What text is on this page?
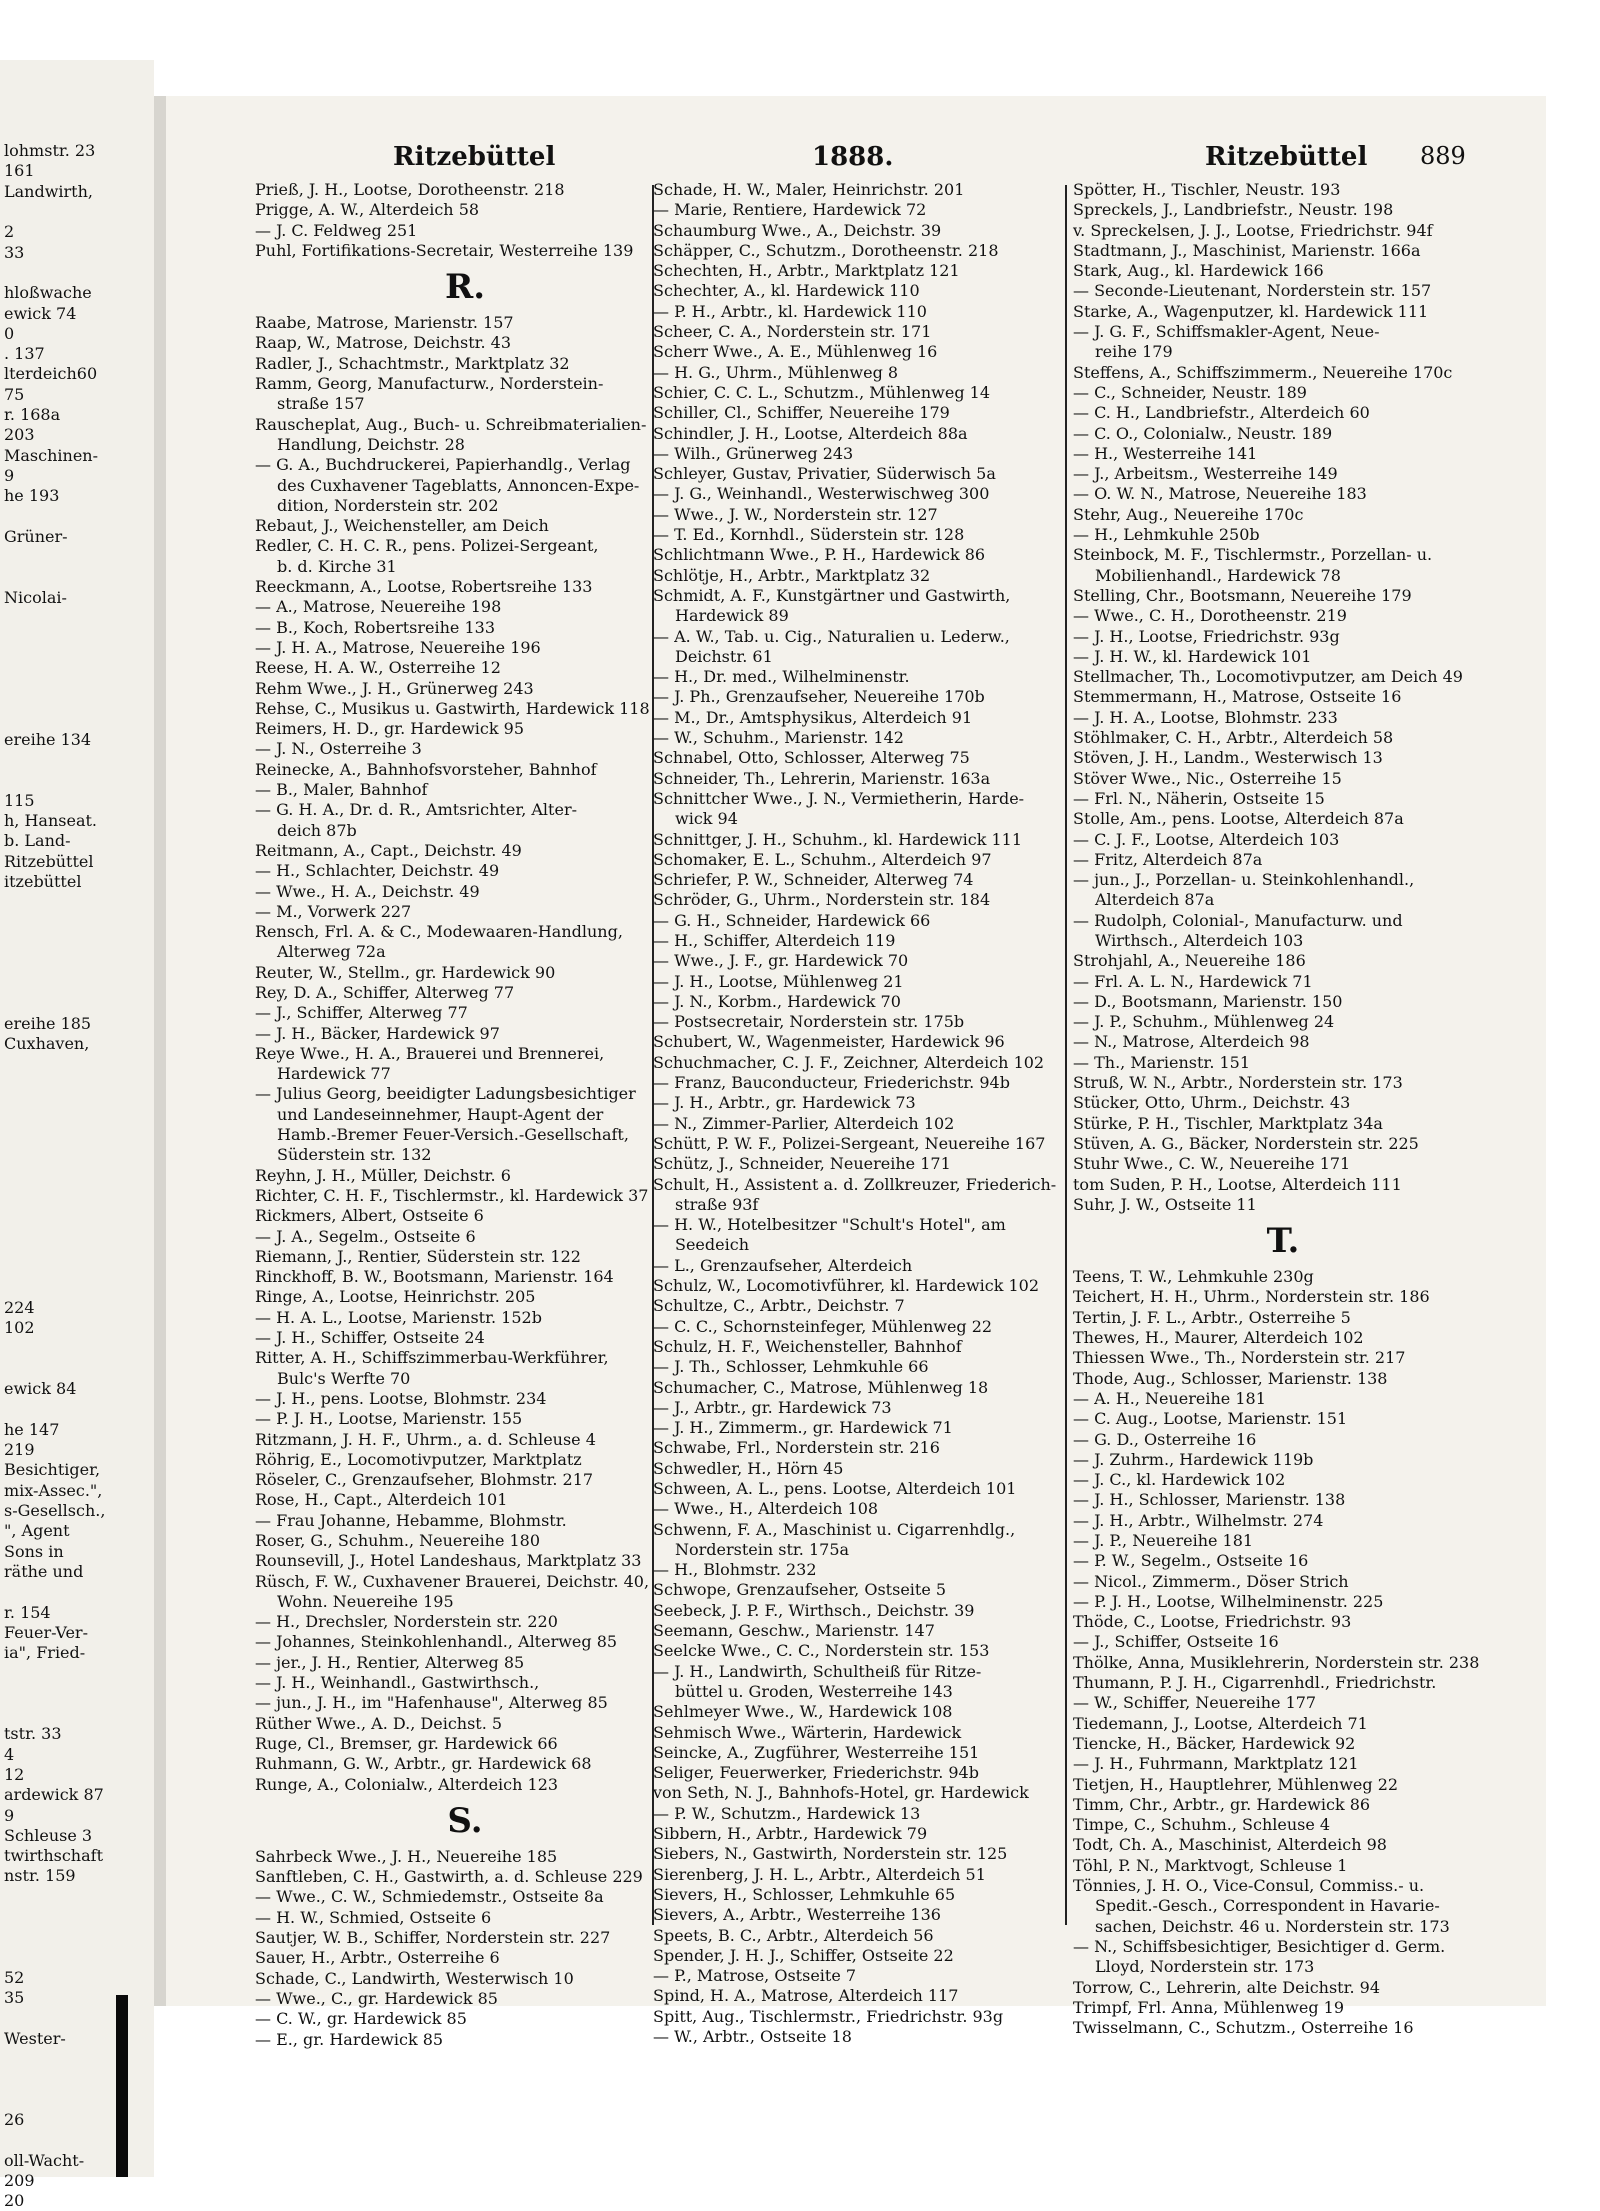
lohmstr. 23
161
Landwirth,

2
33

hloßwache
ewick 74
0
. 137
lterdeich60
75
r. 168a
203
Maschinen-
9
he 193

Grüner-

Nicolai-

ereihe 134

115
h, Hanseat.
b. Land-
Ritzebüttel
itzebüttel

ereihe 185
Cuxhaven,

224
102

ewick 84

he 147
219
Besichtiger,
mix-Assec.",
s-Gesellsch.,
", Agent
Sons in
räthe und

r. 154
Feuer-Ver-
ia", Fried-

tstr. 33
4
12
ardewick 87
9
Schleuse 3
twirthschaft
nstr. 159

52
35

Wester-

26

oll-Wacht-
209
20
Ritzebüttel	1888.	Ritzebüttel 889
Prieß, J. H., Lootse, Dorotheenstr. 218
Prigge, A. W., Alterdeich 58
— J. C. Feldweg 251
Puhl, Fortifikations-Secretair, Westerreihe 139
R.
Raabe, Matrose, Marienstr. 157
Raap, W., Matrose, Deichstr. 43
Radler, J., Schachtmstr., Marktplatz 32
Ramm, Georg, Manufacturw., Norderstein-
straße 157
Rauscheplat, Aug., Buch- u. Schreibmaterialien-
Handlung, Deichstr. 28
— G. A., Buchdruckerei, Papierhandlg., Verlag
des Cuxhavener Tageblatts, Annoncen-Expe-
dition, Norderstein str. 202
Rebaut, J., Weichensteller, am Deich
Redler, C. H. C. R., pens. Polizei-Sergeant,
b. d. Kirche 31
Reeckmann, A., Lootse, Robertsreihe 133
— A., Matrose, Neuereihe 198
— B., Koch, Robertsreihe 133
— J. H. A., Matrose, Neuereihe 196
Reese, H. A. W., Osterreihe 12
Rehm Wwe., J. H., Grünerweg 243
Rehse, C., Musikus u. Gastwirth, Hardewick 118
Reimers, H. D., gr. Hardewick 95
— J. N., Osterreihe 3
Reinecke, A., Bahnhofsvorsteher, Bahnhof
— B., Maler, Bahnhof
— G. H. A., Dr. d. R., Amtsrichter, Alter-
deich 87b
Reitmann, A., Capt., Deichstr. 49
— H., Schlachter, Deichstr. 49
— Wwe., H. A., Deichstr. 49
— M., Vorwerk 227
Rensch, Frl. A. & C., Modewaaren-Handlung,
Alterweg 72a
Reuter, W., Stellm., gr. Hardewick 90
Rey, D. A., Schiffer, Alterweg 77
— J., Schiffer, Alterweg 77
— J. H., Bäcker, Hardewick 97
Reye Wwe., H. A., Brauerei und Brennerei,
Hardewick 77
— Julius Georg, beeidigter Ladungsbesichtiger
und Landeseinnehmer, Haupt-Agent der
Hamb.-Bremer Feuer-Versich.-Gesellschaft,
Süderstein str. 132
Reyhn, J. H., Müller, Deichstr. 6
Richter, C. H. F., Tischlermstr., kl. Hardewick 37
Rickmers, Albert, Ostseite 6
— J. A., Segelm., Ostseite 6
Riemann, J., Rentier, Süderstein str. 122
Rinckhoff, B. W., Bootsmann, Marienstr. 164
Ringe, A., Lootse, Heinrichstr. 205
— H. A. L., Lootse, Marienstr. 152b
— J. H., Schiffer, Ostseite 24
Ritter, A. H., Schiffszimmerbau-Werkführer,
Bulc's Werfte 70
— J. H., pens. Lootse, Blohmstr. 234
— P. J. H., Lootse, Marienstr. 155
Ritzmann, J. H. F., Uhrm., a. d. Schleuse 4
Röhrig, E., Locomotivputzer, Marktplatz
Röseler, C., Grenzaufseher, Blohmstr. 217
Rose, H., Capt., Alterdeich 101
— Frau Johanne, Hebamme, Blohmstr.
Roser, G., Schuhm., Neuereihe 180
Rounsevill, J., Hotel Landeshaus, Marktplatz 33
Rüsch, F. W., Cuxhavener Brauerei, Deichstr. 40,
Wohn. Neuereihe 195
— H., Drechsler, Norderstein str. 220
— Johannes, Steinkohlenhandl., Alterweg 85
— jer., J. H., Rentier, Alterweg 85
— J. H., Weinhandl., Gastwirthsch.,
— jun., J. H., im "Hafenhause", Alterweg 85
Rüther Wwe., A. D., Deichst. 5
Ruge, Cl., Bremser, gr. Hardewick 66
Ruhmann, G. W., Arbtr., gr. Hardewick 68
Runge, A., Colonialw., Alterdeich 123
S.
Sahrbeck Wwe., J. H., Neuereihe 185
Sanftleben, C. H., Gastwirth, a. d. Schleuse 229
— Wwe., C. W., Schmiedemstr., Ostseite 8a
— H. W., Schmied, Ostseite 6
Sautjer, W. B., Schiffer, Norderstein str. 227
Sauer, H., Arbtr., Osterreihe 6
Schade, C., Landwirth, Westerwisch 10
— Wwe., C., gr. Hardewick 85
— C. W., gr. Hardewick 85
— E., gr. Hardewick 85
Schade, H. W., Maler, Heinrichstr. 201
— Marie, Rentiere, Hardewick 72
Schaumburg Wwe., A., Deichstr. 39
Schäpper, C., Schutzm., Dorotheenstr. 218
Schechten, H., Arbtr., Marktplatz 121
Schechter, A., kl. Hardewick 110
— P. H., Arbtr., kl. Hardewick 110
Scheer, C. A., Norderstein str. 171
Scherr Wwe., A. E., Mühlenweg 16
— H. G., Uhrm., Mühlenweg 8
Schier, C. C. L., Schutzm., Mühlenweg 14
Schiller, Cl., Schiffer, Neuereihe 179
Schindler, J. H., Lootse, Alterdeich 88a
— Wilh., Grünerweg 243
Schleyer, Gustav, Privatier, Süderwisch 5a
— J. G., Weinhandl., Westerwischweg 300
— Wwe., J. W., Norderstein str. 127
— T. Ed., Kornhdl., Süderstein str. 128
Schlichtmann Wwe., P. H., Hardewick 86
Schlötje, H., Arbtr., Marktplatz 32
Schmidt, A. F., Kunstgärtner und Gastwirth,
Hardewick 89
— A. W., Tab. u. Cig., Naturalien u. Lederw.,
Deichstr. 61
— H., Dr. med., Wilhelminenstr.
— J. Ph., Grenzaufseher, Neuereihe 170b
— M., Dr., Amtsphysikus, Alterdeich 91
— W., Schuhm., Marienstr. 142
Schnabel, Otto, Schlosser, Alterweg 75
Schneider, Th., Lehrerin, Marienstr. 163a
Schnittcher Wwe., J. N., Vermietherin, Harde-
wick 94
Schnittger, J. H., Schuhm., kl. Hardewick 111
Schomaker, E. L., Schuhm., Alterdeich 97
Schriefer, P. W., Schneider, Alterweg 74
Schröder, G., Uhrm., Norderstein str. 184
— G. H., Schneider, Hardewick 66
— H., Schiffer, Alterdeich 119
— Wwe., J. F., gr. Hardewick 70
— J. H., Lootse, Mühlenweg 21
— J. N., Korbm., Hardewick 70
— Postsecretair, Norderstein str. 175b
Schubert, W., Wagenmeister, Hardewick 96
Schuchmacher, C. J. F., Zeichner, Alterdeich 102
— Franz, Bauconducteur, Friederichstr. 94b
— J. H., Arbtr., gr. Hardewick 73
— N., Zimmer-Parlier, Alterdeich 102
Schütt, P. W. F., Polizei-Sergeant, Neuereihe 167
Schütz, J., Schneider, Neuereihe 171
Schult, H., Assistent a. d. Zollkreuzer, Friederich-
straße 93f
— H. W., Hotelbesitzer "Schult's Hotel", am
Seedeich
— L., Grenzaufseher, Alterdeich
Schulz, W., Locomotivführer, kl. Hardewick 102
Schultze, C., Arbtr., Deichstr. 7
— C. C., Schornsteinfeger, Mühlenweg 22
Schulz, H. F., Weichensteller, Bahnhof
— J. Th., Schlosser, Lehmkuhle 66
Schumacher, C., Matrose, Mühlenweg 18
— J., Arbtr., gr. Hardewick 73
— J. H., Zimmerm., gr. Hardewick 71
Schwabe, Frl., Norderstein str. 216
Schwedler, H., Hörn 45
Schween, A. L., pens. Lootse, Alterdeich 101
— Wwe., H., Alterdeich 108
Schwenn, F. A., Maschinist u. Cigarrenhdlg.,
Norderstein str. 175a
— H., Blohmstr. 232
Schwope, Grenzaufseher, Ostseite 5
Seebeck, J. P. F., Wirthsch., Deichstr. 39
Seemann, Geschw., Marienstr. 147
Seelcke Wwe., C. C., Norderstein str. 153
— J. H., Landwirth, Schultheiß für Ritze-
büttel u. Groden, Westerreihe 143
Sehlmeyer Wwe., W., Hardewick 108
Sehmisch Wwe., Wärterin, Hardewick
Seincke, A., Zugführer, Westerreihe 151
Seliger, Feuerwerker, Friederichstr. 94b
von Seth, N. J., Bahnhofs-Hotel, gr. Hardewick
— P. W., Schutzm., Hardewick 13
Sibbern, H., Arbtr., Hardewick 79
Siebers, N., Gastwirth, Norderstein str. 125
Sierenberg, J. H. L., Arbtr., Alterdeich 51
Sievers, H., Schlosser, Lehmkuhle 65
Sievers, A., Arbtr., Westerreihe 136
Speets, B. C., Arbtr., Alterdeich 56
Spender, J. H. J., Schiffer, Ostseite 22
— P., Matrose, Ostseite 7
Spind, H. A., Matrose, Alterdeich 117
Spitt, Aug., Tischlermstr., Friedrichstr. 93g
— W., Arbtr., Ostseite 18
Spötter, H., Tischler, Neustr. 193
Spreckels, J., Landbriefstr., Neustr. 198
v. Spreckelsen, J. J., Lootse, Friedrichstr. 94f
Stadtmann, J., Maschinist, Marienstr. 166a
Stark, Aug., kl. Hardewick 166
— Seconde-Lieutenant, Norderstein str. 157
Starke, A., Wagenputzer, kl. Hardewick 111
— J. G. F., Schiffsmakler-Agent, Neue-
reihe 179
Steffens, A., Schiffszimmerm., Neuereihe 170c
— C., Schneider, Neustr. 189
— C. H., Landbriefstr., Alterdeich 60
— C. O., Colonialw., Neustr. 189
— H., Westerreihe 141
— J., Arbeitsm., Westerreihe 149
— O. W. N., Matrose, Neuereihe 183
Stehr, Aug., Neuereihe 170c
— H., Lehmkuhle 250b
Steinbock, M. F., Tischlermstr., Porzellan- u.
Mobilienhandl., Hardewick 78
Stelling, Chr., Bootsmann, Neuereihe 179
— Wwe., C. H., Dorotheenstr. 219
— J. H., Lootse, Friedrichstr. 93g
— J. H. W., kl. Hardewick 101
Stellmacher, Th., Locomotivputzer, am Deich 49
Stemmermann, H., Matrose, Ostseite 16
— J. H. A., Lootse, Blohmstr. 233
Stöhlmaker, C. H., Arbtr., Alterdeich 58
Stöven, J. H., Landm., Westerwisch 13
Stöver Wwe., Nic., Osterreihe 15
— Frl. N., Näherin, Ostseite 15
Stolle, Am., pens. Lootse, Alterdeich 87a
— C. J. F., Lootse, Alterdeich 103
— Fritz, Alterdeich 87a
— jun., J., Porzellan- u. Steinkohlenhandl.,
Alterdeich 87a
— Rudolph, Colonial-, Manufacturw. und
Wirthsch., Alterdeich 103
Strohjahl, A., Neuereihe 186
— Frl. A. L. N., Hardewick 71
— D., Bootsmann, Marienstr. 150
— J. P., Schuhm., Mühlenweg 24
— N., Matrose, Alterdeich 98
— Th., Marienstr. 151
Struß, W. N., Arbtr., Norderstein str. 173
Stücker, Otto, Uhrm., Deichstr. 43
Stürke, P. H., Tischler, Marktplatz 34a
Stüven, A. G., Bäcker, Norderstein str. 225
Stuhr Wwe., C. W., Neuereihe 171
tom Suden, P. H., Lootse, Alterdeich 111
Suhr, J. W., Ostseite 11
T.
Teens, T. W., Lehmkuhle 230g
Teichert, H. H., Uhrm., Norderstein str. 186
Tertin, J. F. L., Arbtr., Osterreihe 5
Thewes, H., Maurer, Alterdeich 102
Thiessen Wwe., Th., Norderstein str. 217
Thode, Aug., Schlosser, Marienstr. 138
— A. H., Neuereihe 181
— C. Aug., Lootse, Marienstr. 151
— G. D., Osterreihe 16
— J. Zuhrm., Hardewick 119b
— J. C., kl. Hardewick 102
— J. H., Schlosser, Marienstr. 138
— J. H., Arbtr., Wilhelmstr. 274
— J. P., Neuereihe 181
— P. W., Segelm., Ostseite 16
— Nicol., Zimmerm., Döser Strich
— P. J. H., Lootse, Wilhelminenstr. 225
Thöde, C., Lootse, Friedrichstr. 93
— J., Schiffer, Ostseite 16
Thölke, Anna, Musiklehrerin, Norderstein str. 238
Thumann, P. J. H., Cigarrenhdl., Friedrichstr.
— W., Schiffer, Neuereihe 177
Tiedemann, J., Lootse, Alterdeich 71
Tiencke, H., Bäcker, Hardewick 92
— J. H., Fuhrmann, Marktplatz 121
Tietjen, H., Hauptlehrer, Mühlenweg 22
Timm, Chr., Arbtr., gr. Hardewick 86
Timpe, C., Schuhm., Schleuse 4
Todt, Ch. A., Maschinist, Alterdeich 98
Töhl, P. N., Marktvogt, Schleuse 1
Tönnies, J. H. O., Vice-Consul, Commiss.- u.
Spedit.-Gesch., Correspondent in Havarie-
sachen, Deichstr. 46 u. Norderstein str. 173
— N., Schiffsbesichtiger, Besichtiger d. Germ.
Lloyd, Norderstein str. 173
Torrow, C., Lehrerin, alte Deichstr. 94
Trimpf, Frl. Anna, Mühlenweg 19
Twisselmann, C., Schutzm., Osterreihe 16
